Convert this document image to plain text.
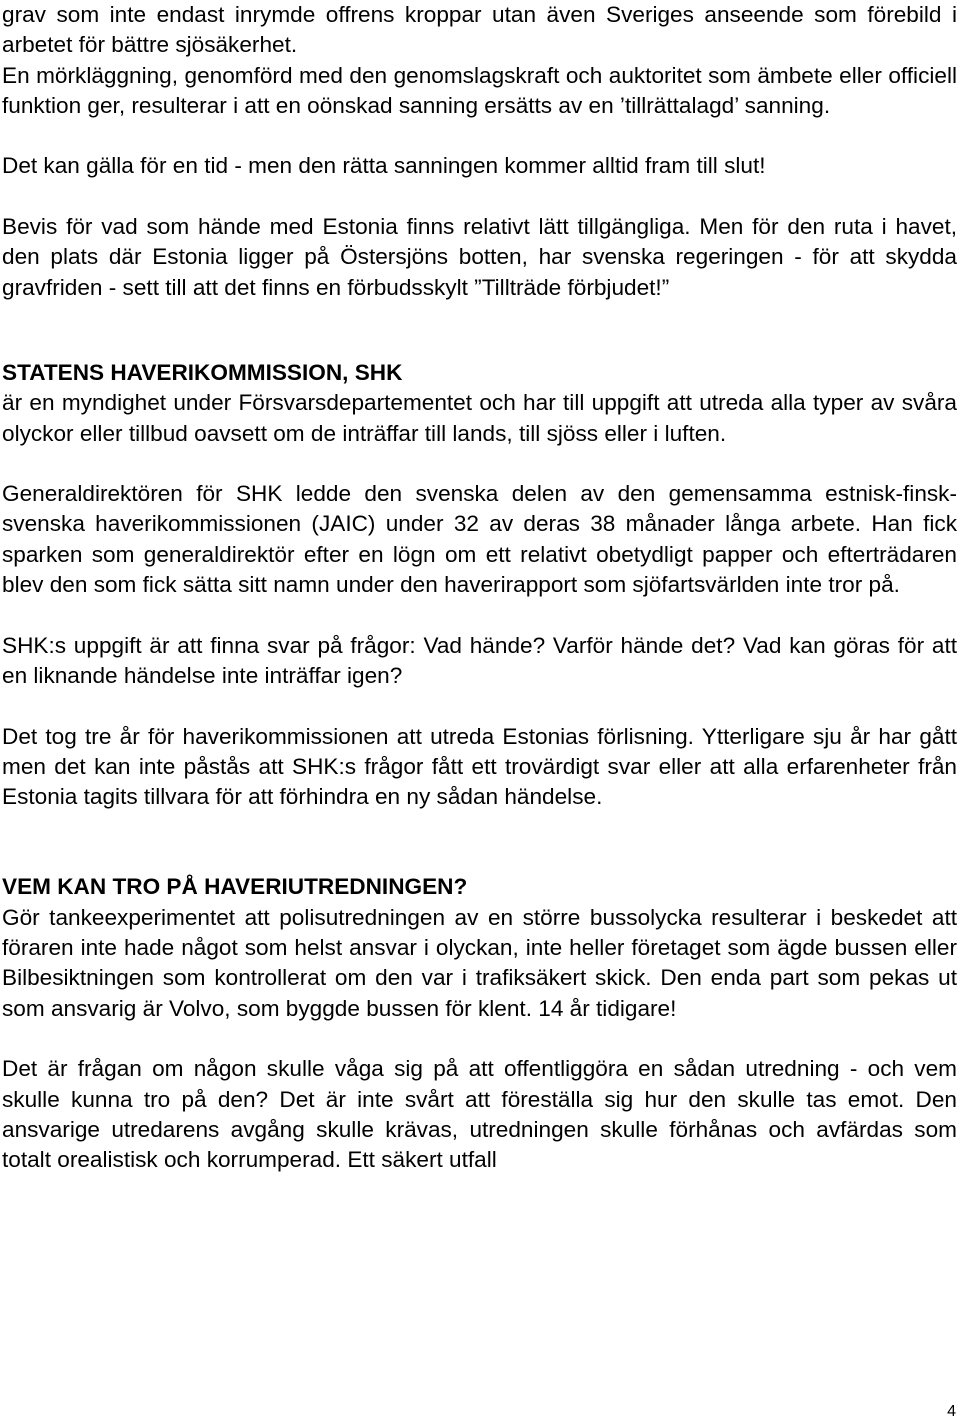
grav som inte endast inrymde offrens kroppar utan även Sveriges anseende som förebild i arbetet för bättre sjösäkerhet.

En mörkläggning, genomförd med den genomslagskraft och auktoritet som ämbete eller officiell funktion ger, resulterar i att en oönskad sanning ersätts av en ’tillrättalagd’ sanning.

Det kan gälla för en tid - men den rätta sanningen kommer alltid fram till slut!

Bevis för vad som hände med Estonia finns relativt lätt tillgängliga. Men för den ruta i havet, den plats där Estonia ligger på Östersjöns botten, har svenska regeringen - för att skydda gravfriden - sett till att det finns en förbudsskylt ”Tillträde förbjudet!”

STATENS HAVERIKOMMISSION, SHK

är en myndighet under Försvarsdepartementet och har till uppgift att utreda alla typer av svåra olyckor eller tillbud oavsett om de inträffar till lands, till sjöss eller i luften.

Generaldirektören för SHK ledde den svenska delen av den gemensamma estnisk-finsk-svenska haverikommissionen (JAIC) under 32 av deras 38 månader långa arbete. Han fick sparken som generaldirektör efter en lögn om ett relativt obetydligt papper och efterträdaren blev den som fick sätta sitt namn under den haverirapport som sjöfartsvärlden inte tror på.

SHK:s uppgift är att finna svar på frågor: Vad hände? Varför hände det? Vad kan göras för att en liknande händelse inte inträffar igen?

Det tog tre år för haverikommissionen att utreda Estonias förlisning. Ytterligare sju år har gått men det kan inte påstås att SHK:s frågor fått ett trovärdigt svar eller att alla erfarenheter från Estonia tagits tillvara för att förhindra en ny sådan händelse.

VEM KAN TRO PÅ HAVERIUTREDNINGEN?

Gör tankeexperimentet att polisutredningen av en större bussolycka resulterar i beskedet att föraren inte hade något som helst ansvar i olyckan, inte heller företaget som ägde bussen eller Bilbesiktningen som kontrollerat om den var i trafiksäkert skick. Den enda part som pekas ut som ansvarig är Volvo, som byggde bussen för klent. 14 år tidigare!

Det är frågan om någon skulle våga sig på att offentliggöra en sådan utredning - och vem skulle kunna tro på den? Det är inte svårt att föreställa sig hur den skulle tas emot. Den ansvarige utredarens avgång skulle krävas, utredningen skulle förhånas och avfärdas som totalt orealistisk och korrumperad. Ett säkert utfall

4
